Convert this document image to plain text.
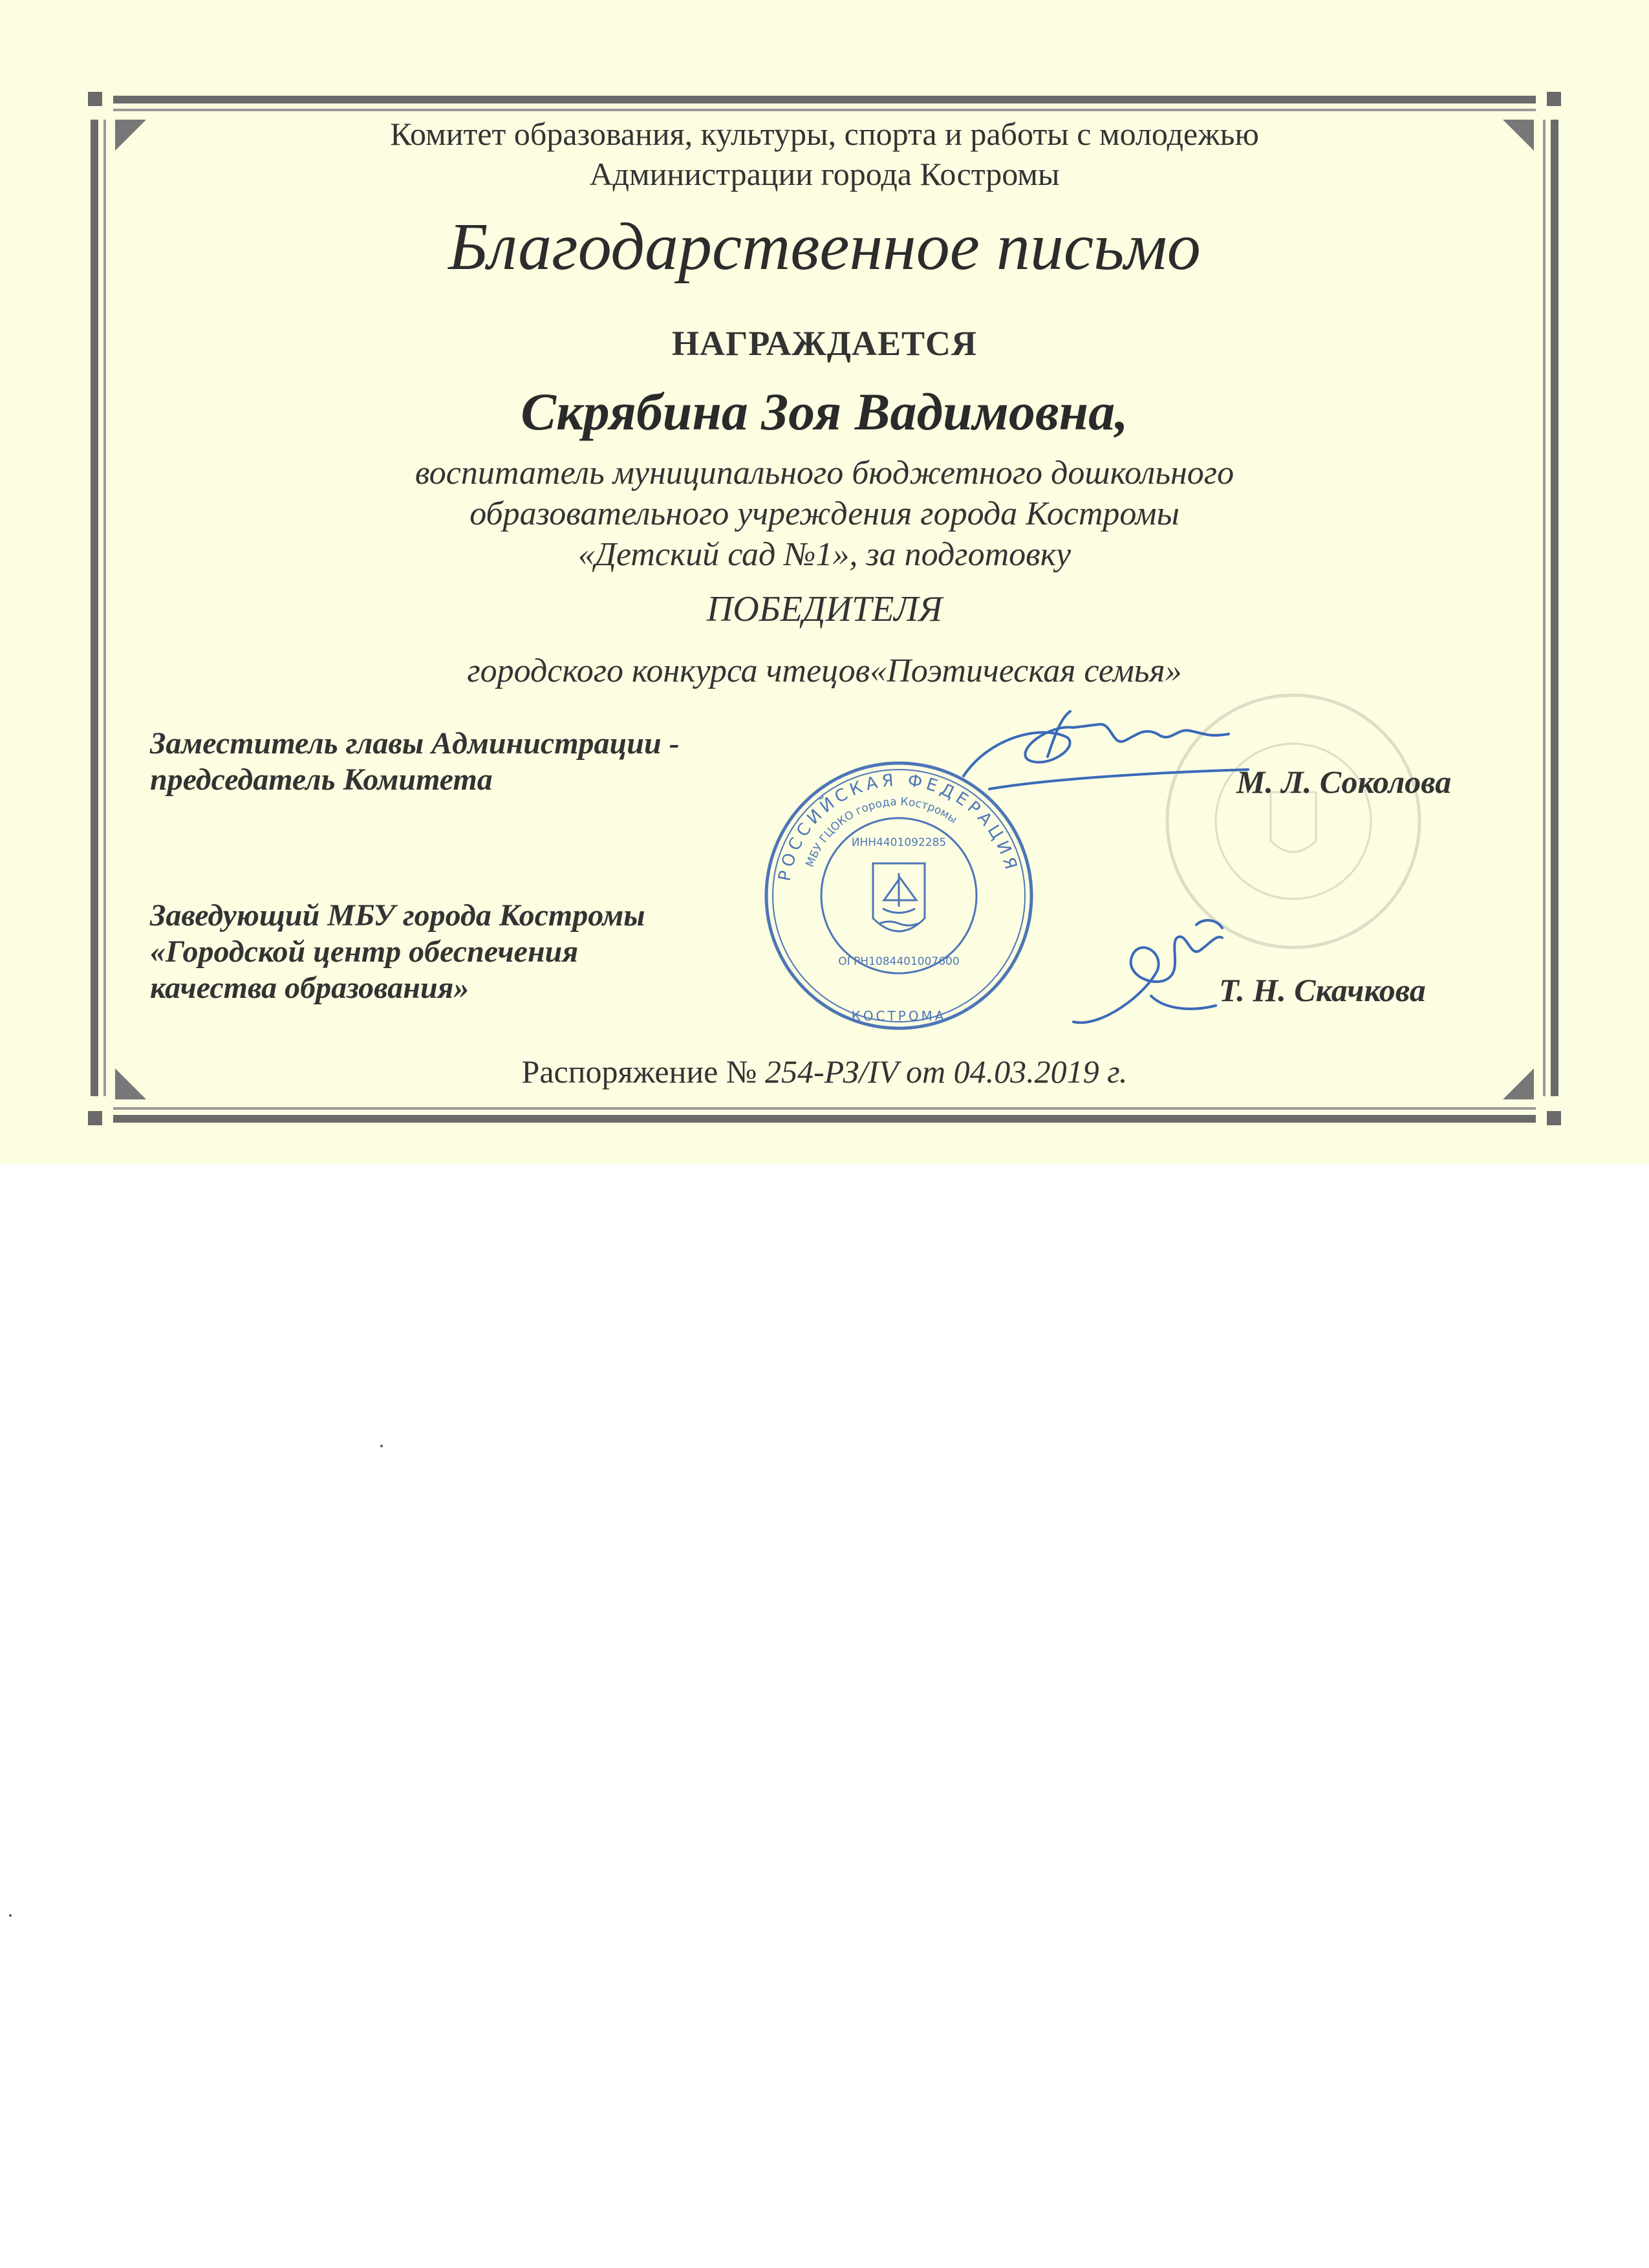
Комитет образования, культуры, спорта и работы с молодежью
Администрации города Костромы
Благодарственное письмо
НАГРАЖДАЕТСЯ
Скрябина Зоя Вадимовна,
воспитатель муниципального бюджетного дошкольного
образовательного учреждения города Костромы
«Детский сад №1», за подготовку
ПОБЕДИТЕЛЯ
городского конкурса чтецов«Поэтическая семья»
РОССИЙСКАЯ ФЕДЕРАЦИЯ
МБУ ГЦОКО города Костромы
КОСТРОМА
ИНН4401092285
ОГРН1084401007600
Заместитель главы Администрации -
председатель Комитета	М. Л. Соколова
Заведующий МБУ города Костромы
«Городской центр обеспечения
качества образования»	Т. Н. Скачкова
Распоряжение № 254-РЗ/IV от 04.03.2019 г.
